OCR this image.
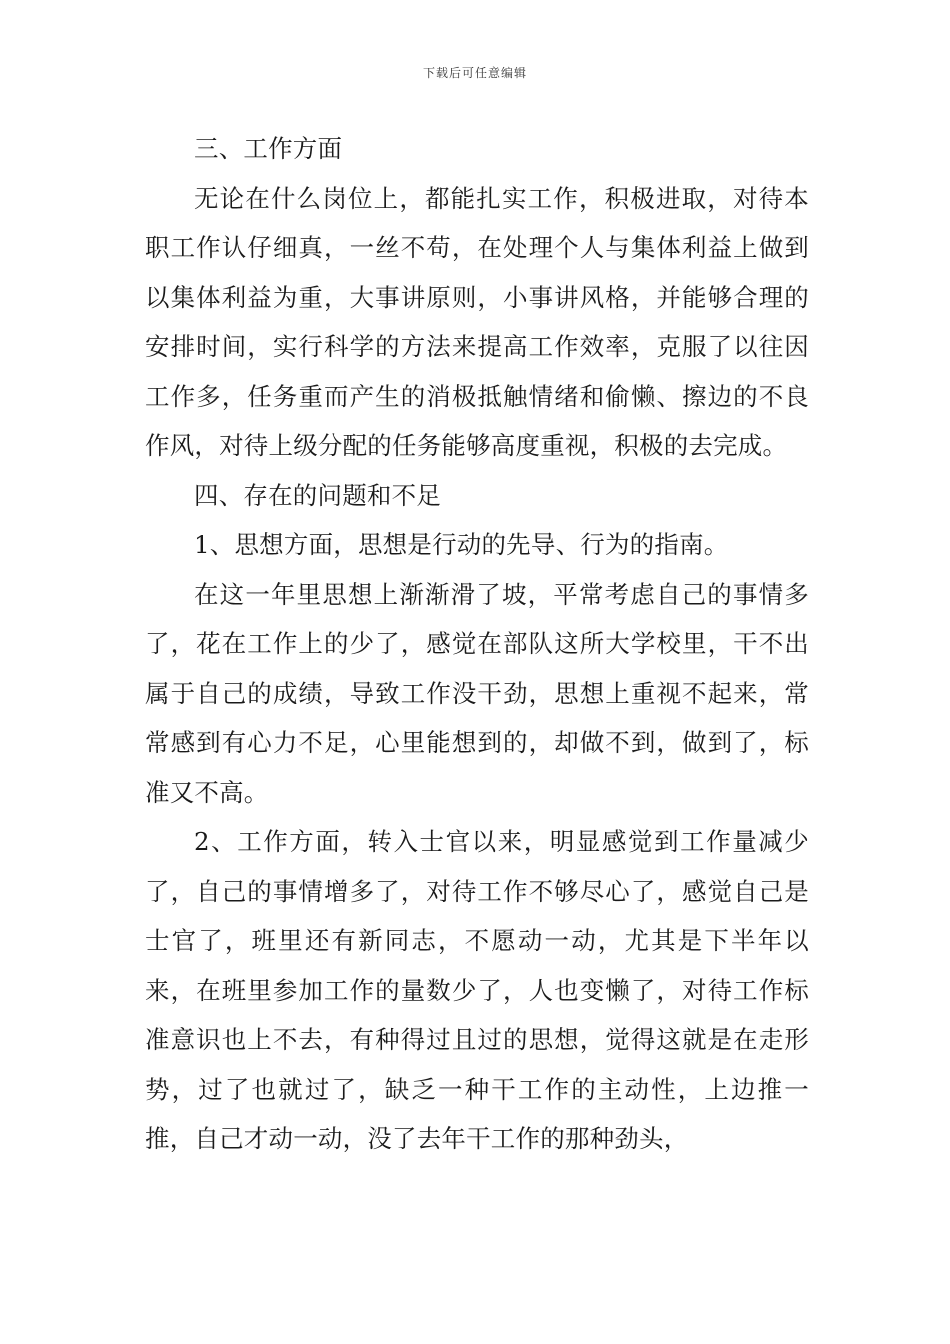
下载后可任意编辑

三、工作方面

无论在什么岗位上，都能扎实工作，积极进取，对待本职工作认仔细真，一丝不苟，在处理个人与集体利益上做到以集体利益为重，大事讲原则，小事讲风格，并能够合理的安排时间，实行科学的方法来提高工作效率，克服了以往因工作多，任务重而产生的消极抵触情绪和偷懒、擦边的不良作风，对待上级分配的任务能够高度重视，积极的去完成。

四、存在的问题和不足

1、思想方面，思想是行动的先导、行为的指南。

在这一年里思想上渐渐滑了坡，平常考虑自己的事情多了，花在工作上的少了，感觉在部队这所大学校里，干不出属于自己的成绩，导致工作没干劲，思想上重视不起来，常常感到有心力不足，心里能想到的，却做不到，做到了，标准又不高。

2、工作方面，转入士官以来，明显感觉到工作量减少了，自己的事情增多了，对待工作不够尽心了，感觉自己是士官了，班里还有新同志，不愿动一动，尤其是下半年以来，在班里参加工作的量数少了，人也变懒了，对待工作标准意识也上不去，有种得过且过的思想，觉得这就是在走形势，过了也就过了，缺乏一种干工作的主动性，上边推一推，自己才动一动，没了去年干工作的那种劲头，
